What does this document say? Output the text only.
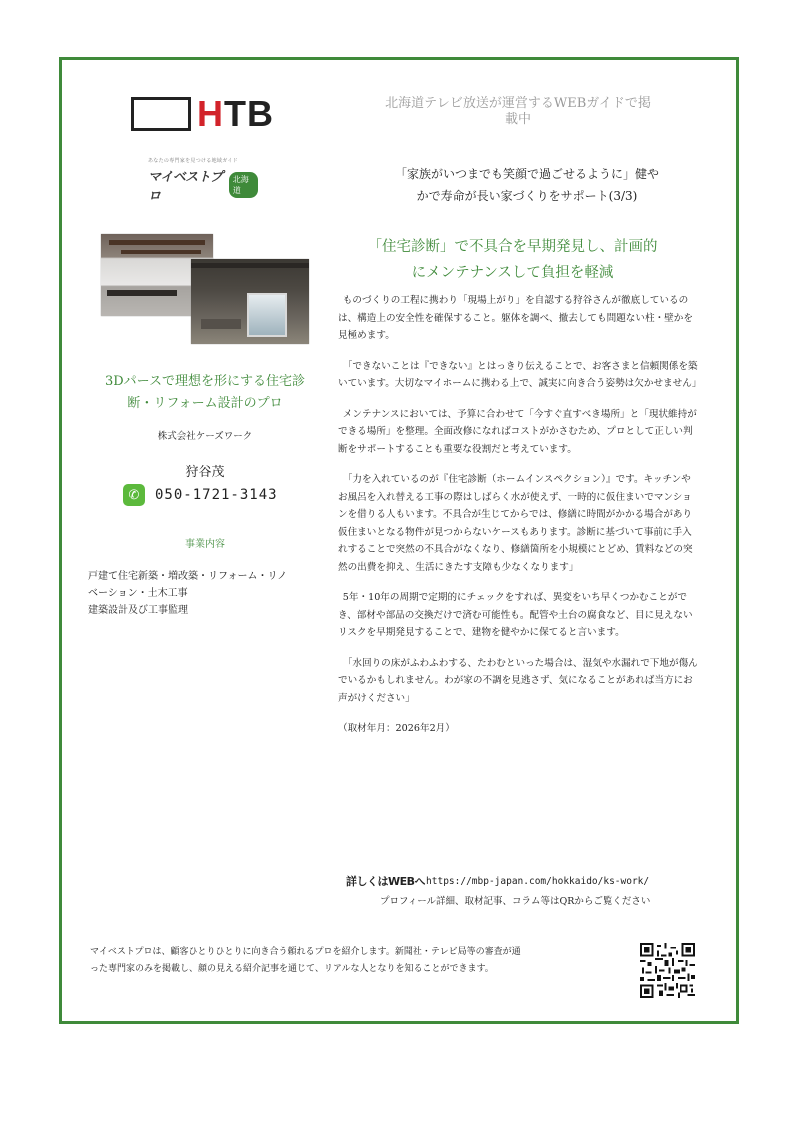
HTB
あなたの専門家を見つける地域ガイド
マイベストプロ
北海道
3Dパースで理想を形にする住宅診
断・リフォーム設計のプロ
株式会社ケーズワーク
狩谷茂
✆	050-1721-3143
事業内容
戸建て住宅新築・増改築・リフォーム・リノ
ベーション・土木工事
建築設計及び工事監理
北海道テレビ放送が運営するWEBガイドで掲
載中
「家族がいつまでも笑顔で過ごせるように」健や
かで寿命が長い家づくりをサポート(3/3)
「住宅診断」で不具合を早期発見し、計画的
にメンテナンスして負担を軽減

ものづくりの工程に携わり「現場上がり」を自認する狩谷さんが徹底しているのは、構造上の安全性を確保すること。躯体を調べ、撤去しても問題ない柱・壁かを見極めます。

「できないことは『できない』とはっきり伝えることで、お客さまと信頼関係を築いています。大切なマイホームに携わる上で、誠実に向き合う姿勢は欠かせません」

メンテナンスにおいては、予算に合わせて「今すぐ直すべき場所」と「現状維持ができる場所」を整理。全面改修になればコストがかさむため、プロとして正しい判断をサポートすることも重要な役割だと考えています。

「力を入れているのが『住宅診断（ホームインスペクション）』です。キッチンやお風呂を入れ替える工事の際はしばらく水が使えず、一時的に仮住まいでマンションを借りる人もいます。不具合が生じてからでは、修繕に時間がかかる場合があり仮住まいとなる物件が見つからないケースもあります。診断に基づいて事前に手入れすることで突然の不具合がなくなり、修繕箇所を小規模にとどめ、賃料などの突然の出費を抑え、生活にきたす支障も少なくなります」

5年・10年の周期で定期的にチェックをすれば、異変をいち早くつかむことができ、部材や部品の交換だけで済む可能性も。配管や土台の腐食など、目に見えないリスクを早期発見することで、建物を健やかに保てると言います。

「水回りの床がふわふわする、たわむといった場合は、湿気や水漏れで下地が傷んでいるかもしれません。わが家の不調を見逃さず、気になることがあれば当方にお声がけください」

（取材年月：2026年2月）

詳しくはWEBへ https://mbp-japan.com/hokkaido/ks-work/
プロフィール詳細、取材記事、コラム等はQRからご覧ください
マイベストプロは、顧客ひとりひとりに向き合う頼れるプロを紹介します。新聞社・テレビ局等の審査が通
った専門家のみを掲載し、顔の見える紹介記事を通じて、リアルな人となりを知ることができます。
